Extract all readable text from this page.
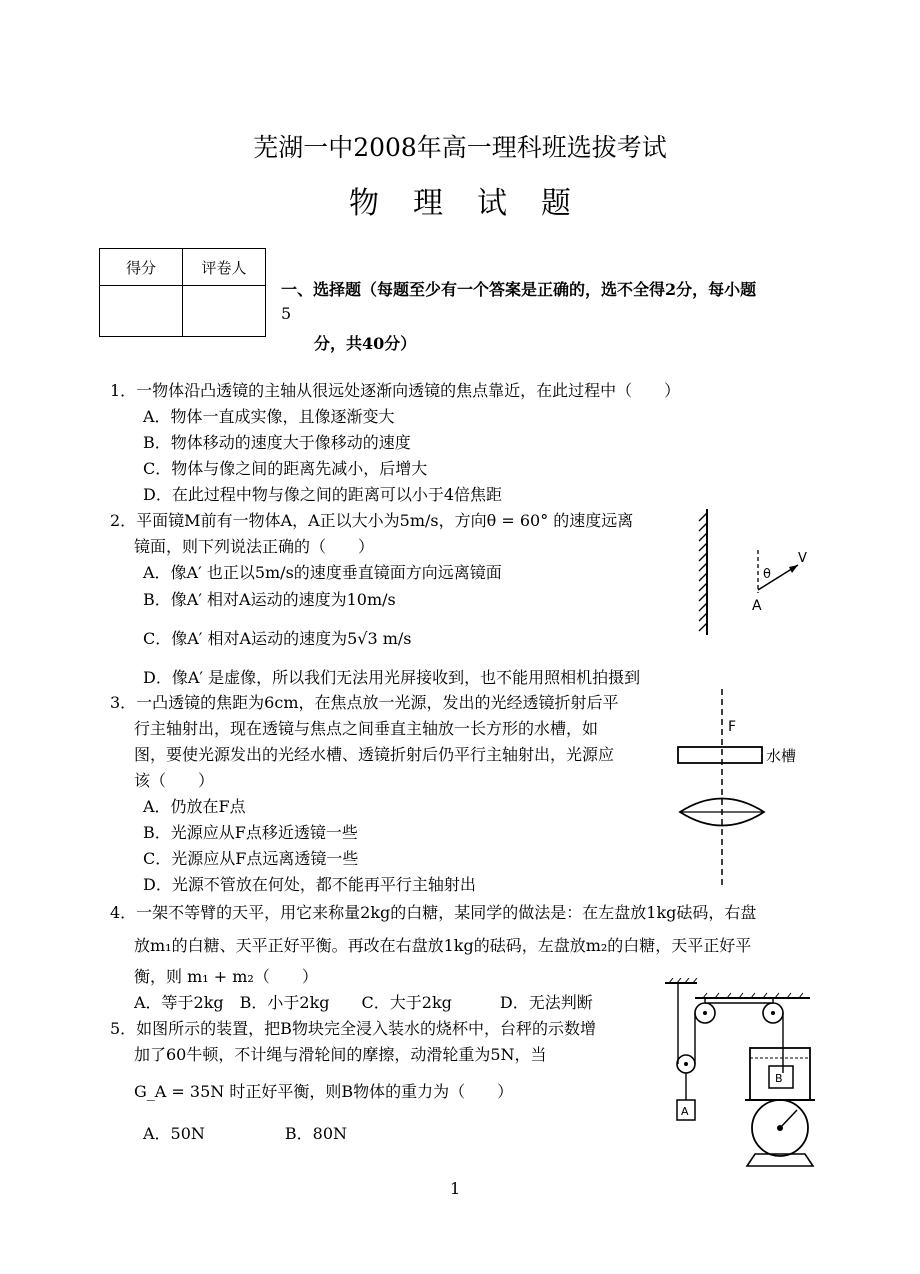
芜湖一中2008年高一理科班选拔考试
物理试题
得分	评卷人

一、选择题（每题至少有一个答案是正确的，选不全得2分，每小题
5
分，共40分）
1．一物体沿凸透镜的主轴从很远处逐渐向透镜的焦点靠近，在此过程中（　　）
A．物体一直成实像，且像逐渐变大
B．物体移动的速度大于像移动的速度
C．物体与像之间的距离先减小，后增大
D．在此过程中物与像之间的距离可以小于4倍焦距
2．平面镜M前有一物体A，A正以大小为5m/s，方向θ = 60° 的速度远离
镜面，则下列说法正确的（　　）
A．像A′ 也正以5m/s的速度垂直镜面方向远离镜面
B．像A′ 相对A运动的速度为10m/s
C．像A′ 相对A运动的速度为5√3 m/s
D．像A′ 是虚像，所以我们无法用光屏接收到，也不能用照相机拍摄到
θ
V
A
3．一凸透镜的焦距为6cm，在焦点放一光源，发出的光经透镜折射后平
行主轴射出，现在透镜与焦点之间垂直主轴放一长方形的水槽，如
图，要使光源发出的光经水槽、透镜折射后仍平行主轴射出，光源应
该（　　）
A．仍放在F点
B．光源应从F点移近透镜一些
C．光源应从F点远离透镜一些
D．光源不管放在何处，都不能再平行主轴射出
F
水槽
4．一架不等臂的天平，用它来称量2kg的白糖，某同学的做法是：在左盘放1kg砝码，右盘
放m₁的白糖、天平正好平衡。再改在右盘放1kg的砝码，左盘放m₂的白糖，天平正好平
衡，则 m₁ + m₂（　　）
A．等于2kg　B．小于2kg　　C．大于2kg　　　D．无法判断
5．如图所示的装置，把B物块完全浸入装水的烧杯中，台秤的示数增
加了60牛顿，不计绳与滑轮间的摩擦，动滑轮重为5N，当
G_A = 35N 时正好平衡，则B物体的重力为（　　）
A．50N　　　　　B．80N
A
B
1
